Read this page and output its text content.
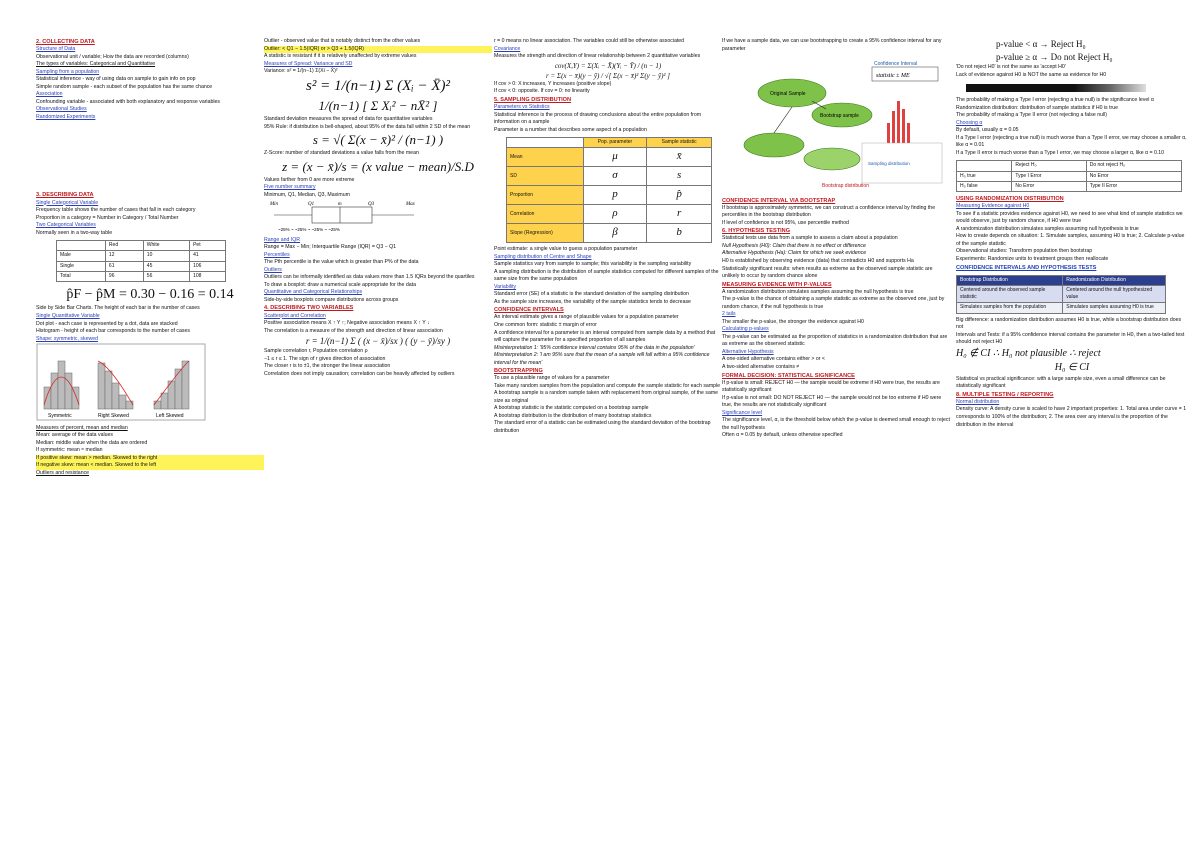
2. COLLECTING DATA

Structure of Data

Observational unit / variable; How the data are recorded (columns)

The types of variables: Categorical and Quantitative

Sampling from a population

Statistical inference - way of using data on sample to gain info on pop

Simple random sample - each subset of the population has the same chance

Association

Confounding variable - associated with both explanatory and response variables

Observational Studies

Randomized Experiments

3. DESCRIBING DATA

Single Categorical Variable

Frequency table shows the number of cases that fall in each category

Proportion in a category = Number in Category / Total Number

Two Categorical Variables

Normally seen in a two-way table

	Red	White	Pet
Male	12	10	41
Single	61	45	106
Total	96	56	108

p̂F − p̂M = 0.30 − 0.16 = 0.14

Side by Side Bar Charts. The height of each bar is the number of cases

Single Quantitative Variable

Dot plot - each case is represented by a dot, data are stacked

Histogram - height of each bar corresponds to the number of cases

Shape: symmetric, skewed

Symmetric	Right Skewed	Left Skewed

Measures of percent, mean and median

Mean: average of the data values

Median: middle value when the data are ordered

If symmetric: mean ≈ median

If positive skew: mean > median. Skewed to the right

If negative skew: mean < median. Skewed to the left

Outliers and resistance

Outlier - observed value that is notably distinct from the other values

Outlier: < Q1 − 1.5(IQR) or > Q3 + 1.5(IQR)

A statistic is resistant if it is relatively unaffected by extreme values

Measures of Spread: Variance and SD

Variance: s² = 1/(n−1) Σ(Xi − X̄)²

s² = 1/(n−1) Σ (Xᵢ − X̄)²

1/(n−1) [ Σ Xᵢ² − nX̄² ]

Standard deviation measures the spread of data for quantitative variables

95% Rule: if distribution is bell-shaped, about 95% of the data fall within 2 SD of the mean

s = √( Σ(x − x̄)² / (n−1) )

Z-Score: number of standard deviations a value falls from the mean

z = (x − x̄)/s = (x value − mean)/S.D

Values farther from 0 are more extreme

Five number summary

Minimum, Q1, Median, Q3, Maximum

Min	Q1	m	Q3	Max
~25% ~ ~25% ~ ~25% ~ ~25%

Range and IQR

Range = Max − Min; Interquartile Range (IQR) = Q3 − Q1

Percentiles

The Pth percentile is the value which is greater than P% of the data

Outliers

Outliers can be informally identified as data values more than 1.5 IQRs beyond the quartiles

To draw a boxplot: draw a numerical scale appropriate for the data

Quantitative and Categorical Relationships

Side-by-side boxplots compare distributions across groups

4. DESCRIBING TWO VARIABLES

Scatterplot and Correlation

Positive association means X ↑ Y ↑; Negative association means X ↑ Y ↓

The correlation is a measure of the strength and direction of linear association

r = 1/(n−1) Σ ( (x − x̄)/sx ) ( (y − ȳ)/sy )

Sample correlation r, Population correlation ρ

−1 ≤ r ≤ 1. The sign of r gives direction of association

The closer r is to ±1, the stronger the linear association

Correlation does not imply causation; correlation can be heavily affected by outliers

r = 0 means no linear association. The variables could still be otherwise associated

Covariance

Measures the strength and direction of linear relationship between 2 quantitative variables

cov(X,Y) = Σ(Xᵢ − X̄)(Yᵢ − Ȳ) / (n − 1)

r = Σ(x − x̄)(y − ȳ) / √[ Σ(x − x̄)² Σ(y − ȳ)² ]

If cov > 0: X increases, Y increases (positive slope)

If cov < 0: opposite. If cov = 0: no linearity

5. SAMPLING DISTRIBUTION

Parameters vs Statistics

Statistical inference is the process of drawing conclusions about the entire population from information on a sample

Parameter is a number that describes some aspect of a population

	Pop. parameter	Sample statistic
Mean	μ	x̄
SD	σ	s
Proportion	p	p̂
Correlation	ρ	r
Slope (Regression)	β	b

Point estimate: a single value to guess a population parameter

Sampling distribution of Centre and Shape

Sample statistics vary from sample to sample; this variability is the sampling variability

A sampling distribution is the distribution of sample statistics computed for different samples of the same size from the same population

Variability

Standard error (SE) of a statistic is the standard deviation of the sampling distribution

As the sample size increases, the variability of the sample statistics tends to decrease

CONFIDENCE INTERVALS

An interval estimate gives a range of plausible values for a population parameter

One common form: statistic ± margin of error

A confidence interval for a parameter is an interval computed from sample data by a method that will capture the parameter for a specified proportion of all samples

Misinterpretation 1: '95% confidence interval contains 95% of the data in the population'

Misinterpretation 2: 'I am 95% sure that the mean of a sample will fall within a 95% confidence interval for the mean'

BOOTSTRAPPING

To use a plausible range of values for a parameter

Take many random samples from the population and compute the sample statistic for each sample

A bootstrap sample is a random sample taken with replacement from original sample, of the same size as original

A bootstrap statistic is the statistic computed on a bootstrap sample

A bootstrap distribution is the distribution of many bootstrap statistics

The standard error of a statistic can be estimated using the standard deviation of the bootstrap distribution

If we have a sample data, we can use bootstrapping to create a 95% confidence interval for any parameter

Confidence Interval
statistic ± ME
Original Sample
Bootstrap sample
Bootstrap distribution
Sampling distribution

CONFIDENCE INTERVAL VIA BOOTSTRAP

If bootstrap is approximately symmetric, we can construct a confidence interval by finding the percentiles in the bootstrap distribution

If level of confidence is not 95%, use percentile method

6. HYPOTHESIS TESTING

Statistical tests use data from a sample to assess a claim about a population

Null Hypothesis (H0): Claim that there is no effect or difference

Alternative Hypothesis (Ha): Claim for which we seek evidence

H0 is established by observing evidence (data) that contradicts H0 and supports Ha

Statistically significant results: when results as extreme as the observed sample statistic are unlikely to occur by random chance alone

MEASURING EVIDENCE WITH P-VALUES

A randomization distribution simulates samples assuming the null hypothesis is true

The p-value is the chance of obtaining a sample statistic as extreme as the observed one, just by random chance, if the null hypothesis is true

2 tails

The smaller the p-value, the stronger the evidence against H0

Calculating p-values

The p-value can be estimated as the proportion of statistics in a randomization distribution that are as extreme as the observed statistic

Alternative Hypothesis

A one-sided alternative contains either > or <

A two-sided alternative contains ≠

FORMAL DECISION: STATISTICAL SIGNIFICANCE

If p-value is small: REJECT H0 — the sample would be extreme if H0 were true, the results are statistically significant

If p-value is not small: DO NOT REJECT H0 — the sample would not be too extreme if H0 were true, the results are not statistically significant

Significance level

The significance level, α, is the threshold below which the p-value is deemed small enough to reject the null hypothesis

Often α = 0.05 by default, unless otherwise specified

p-value < α → Reject H₀

p-value ≥ α → Do not Reject H₀

'Do not reject H0' is not the same as 'accept H0'

Lack of evidence against H0 is NOT the same as evidence for H0

The probability of making a Type I error (rejecting a true null) is the significance level α

Randomization distribution: distribution of sample statistics if H0 is true

The probability of making a Type II error (not rejecting a false null)

Choosing α

By default, usually α = 0.05

If a Type I error (rejecting a true null) is much worse than a Type II error, we may choose a smaller α, like α = 0.01

If a Type II error is much worse than a Type I error, we may choose a larger α, like α = 0.10

	Reject H₀	Do not reject H₀
H₀ true	Type I Error	No Error
H₀ false	No Error	Type II Error

USING RANDOMIZATION DISTRIBUTION

Measuring Evidence against H0

To see if a statistic provides evidence against H0, we need to see what kind of sample statistics we would observe, just by random chance, if H0 were true

A randomization distribution simulates samples assuming null hypothesis is true

How to create depends on situation: 1. Simulate samples, assuming H0 is true; 2. Calculate p-value of the sample statistic

Observational studies: Transform population then bootstrap

Experiments: Randomize units to treatment groups then reallocate

CONFIDENCE INTERVALS AND HYPOTHESIS TESTS

Bootstrap Distribution	Randomization Distribution
Centered around the observed sample statistic	Centered around the null hypothesized value
Simulates samples from the population	Simulates samples assuming H0 is true

Big difference: a randomization distribution assumes H0 is true, while a bootstrap distribution does not

Intervals and Tests: if a 95% confidence interval contains the parameter in H0, then a two-tailed test should not reject H0

H₀ ∉ CI ∴ H₀ not plausible ∴ reject

H₀ ∈ CI

Statistical vs practical significance: with a large sample size, even a small difference can be statistically significant

8. MULTIPLE TESTING / REPORTING

Normal distribution

Density curve: A density curve is scaled to have 2 important properties: 1. Total area under curve = 1 corresponds to 100% of the distribution; 2. The area over any interval is the proportion of the distribution in the interval
